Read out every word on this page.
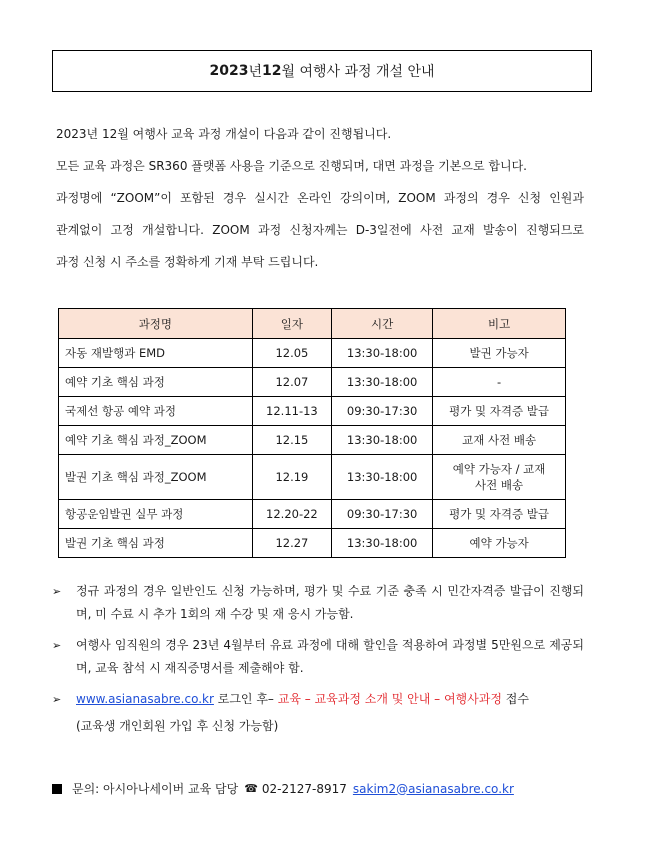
2023 년 12 월 여행사 과정 개설 안내

2023년 12월 여행사 교육 과정 개설이 다음과 같이 진행됩니다.

모든 교육 과정은 SR360 플랫폼 사용을 기준으로 진행되며, 대면 과정을 기본으로 합니다.

과정명에 “ZOOM”이 포함된 경우 실시간 온라인 강의이며, ZOOM 과정의 경우 신청 인원과

관계없이 고정 개설합니다. ZOOM 과정 신청자께는 D-3일전에 사전 교재 발송이 진행되므로

과정 신청 시 주소를 정확하게 기재 부탁 드립니다.

과정명	일자	시간	비고
자동 재발행과 EMD	12.05	13:30-18:00	발권 가능자
예약 기초 핵심 과정	12.07	13:30-18:00	-
국제선 항공 예약 과정	12.11-13	09:30-17:30	평가 및 자격증 발급
예약 기초 핵심 과정_ZOOM	12.15	13:30-18:00	교재 사전 배송
발권 기초 핵심 과정_ZOOM	12.19	13:30-18:00	예약 가능자 / 교재
사전 배송

항공운임발권 실무 과정	12.20-22	09:30-17:30	평가 및 자격증 발급
발권 기초 핵심 과정	12.27	13:30-18:00	예약 가능자
➢	정규 과정의 경우 일반인도 신청 가능하며, 평가 및 수료 기준 충족 시 민간자격증 발급이 진행되며, 미 수료 시 추가 1회의 재 수강 및 재 응시 가능함.
➢	여행사 임직원의 경우 23년 4월부터 유료 과정에 대해 할인을 적용하여 과정별 5만원으로 제공되며, 교육 참석 시 재직증명서를 제출해야 함.
➢	www.asianasabre.co.kr 로그인 후– 교육 – 교육과정 소개 및 안내 – 여행사과정 접수
(교육생 개인회원 가입 후 신청 가능함)
문의: 아시아나세이버 교육 담당 ☎ 02-2127-8917 sakim2@asianasabre.co.kr
